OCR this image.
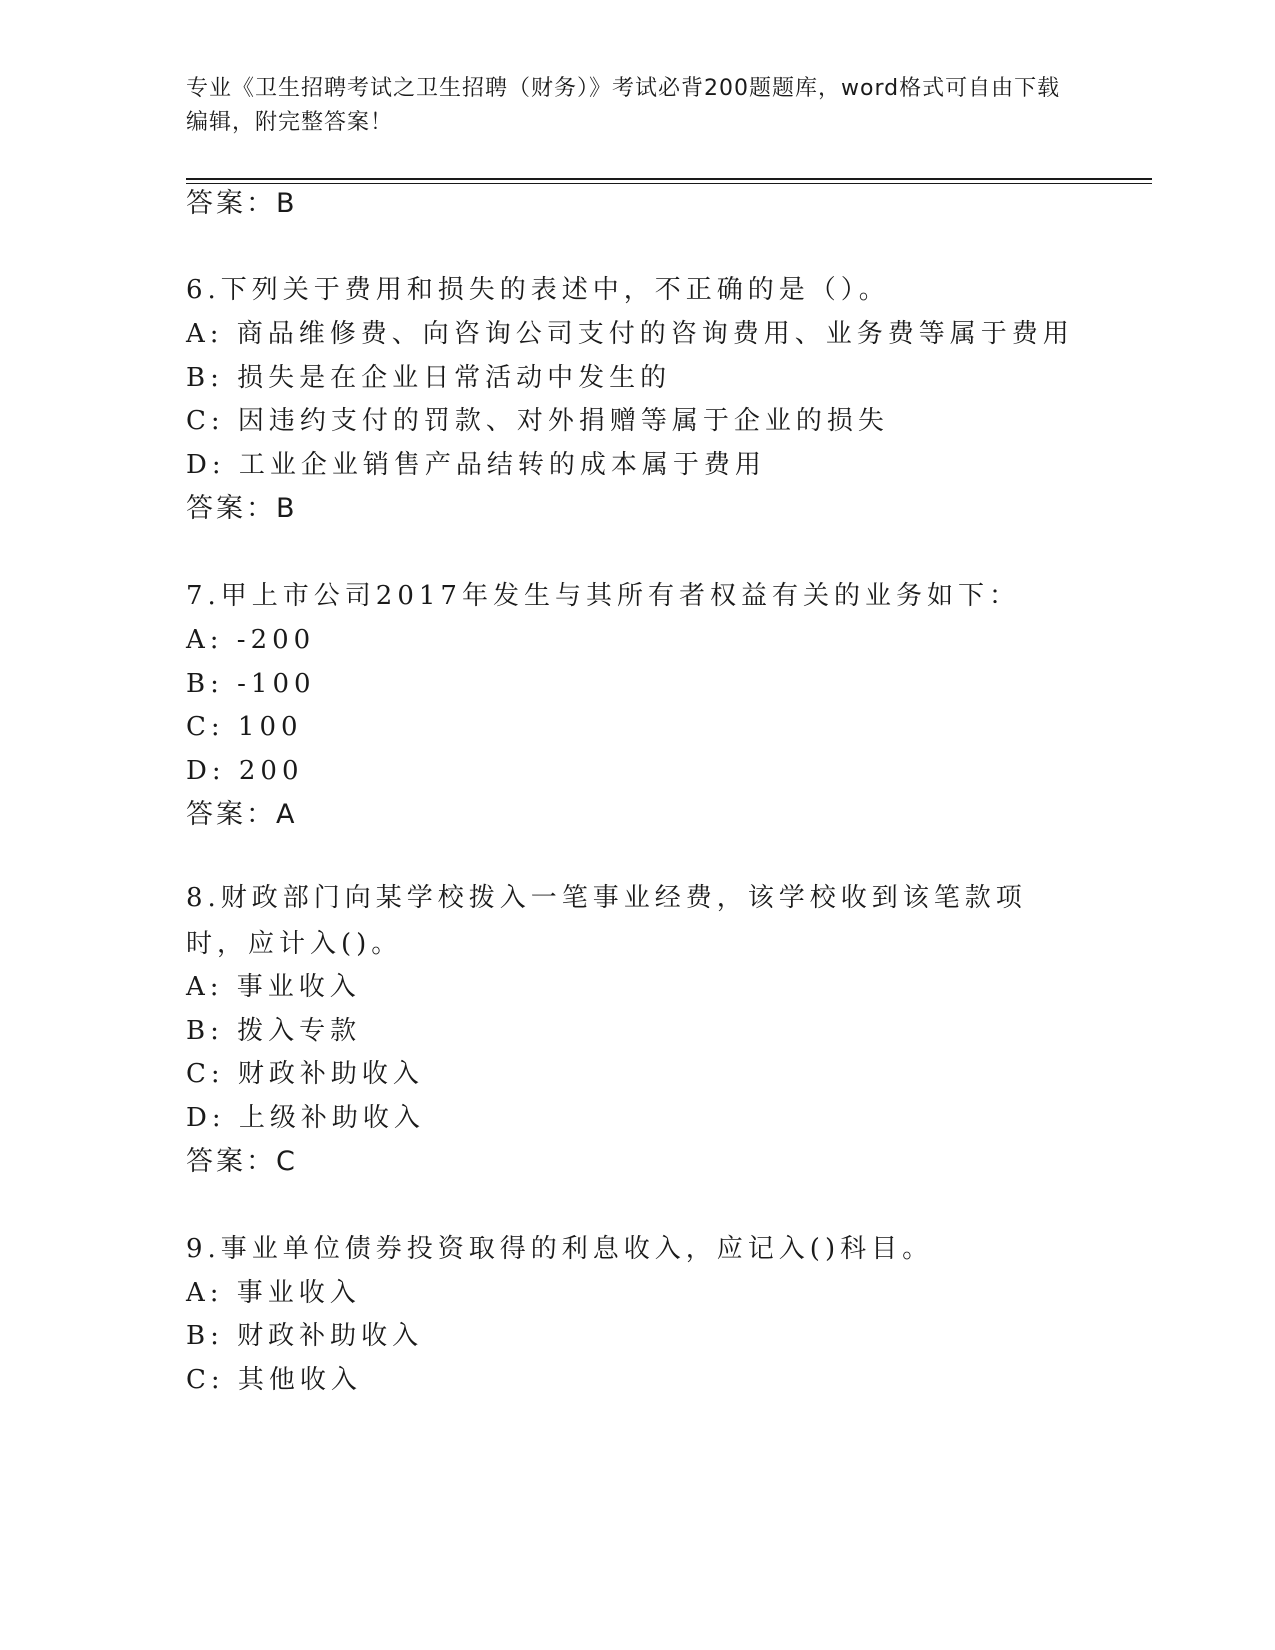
专业《卫生招聘考试之卫生招聘（财务）》考试必背200题题库，word格式可自由下载编辑，附完整答案！
答案：B
6.下列关于费用和损失的表述中，不正确的是（）。
A: 商品维修费、向咨询公司支付的咨询费用、业务费等属于费用
B: 损失是在企业日常活动中发生的
C: 因违约支付的罚款、对外捐赠等属于企业的损失
D: 工业企业销售产品结转的成本属于费用
答案：B
7.甲上市公司2017年发生与其所有者权益有关的业务如下：
A: -200
B: -100
C: 100
D: 200
答案：A
8.财政部门向某学校拨入一笔事业经费，该学校收到该笔款项时，应计入()。
A: 事业收入
B: 拨入专款
C: 财政补助收入
D: 上级补助收入
答案：C
9.事业单位债券投资取得的利息收入，应记入()科目。
A: 事业收入
B: 财政补助收入
C: 其他收入
